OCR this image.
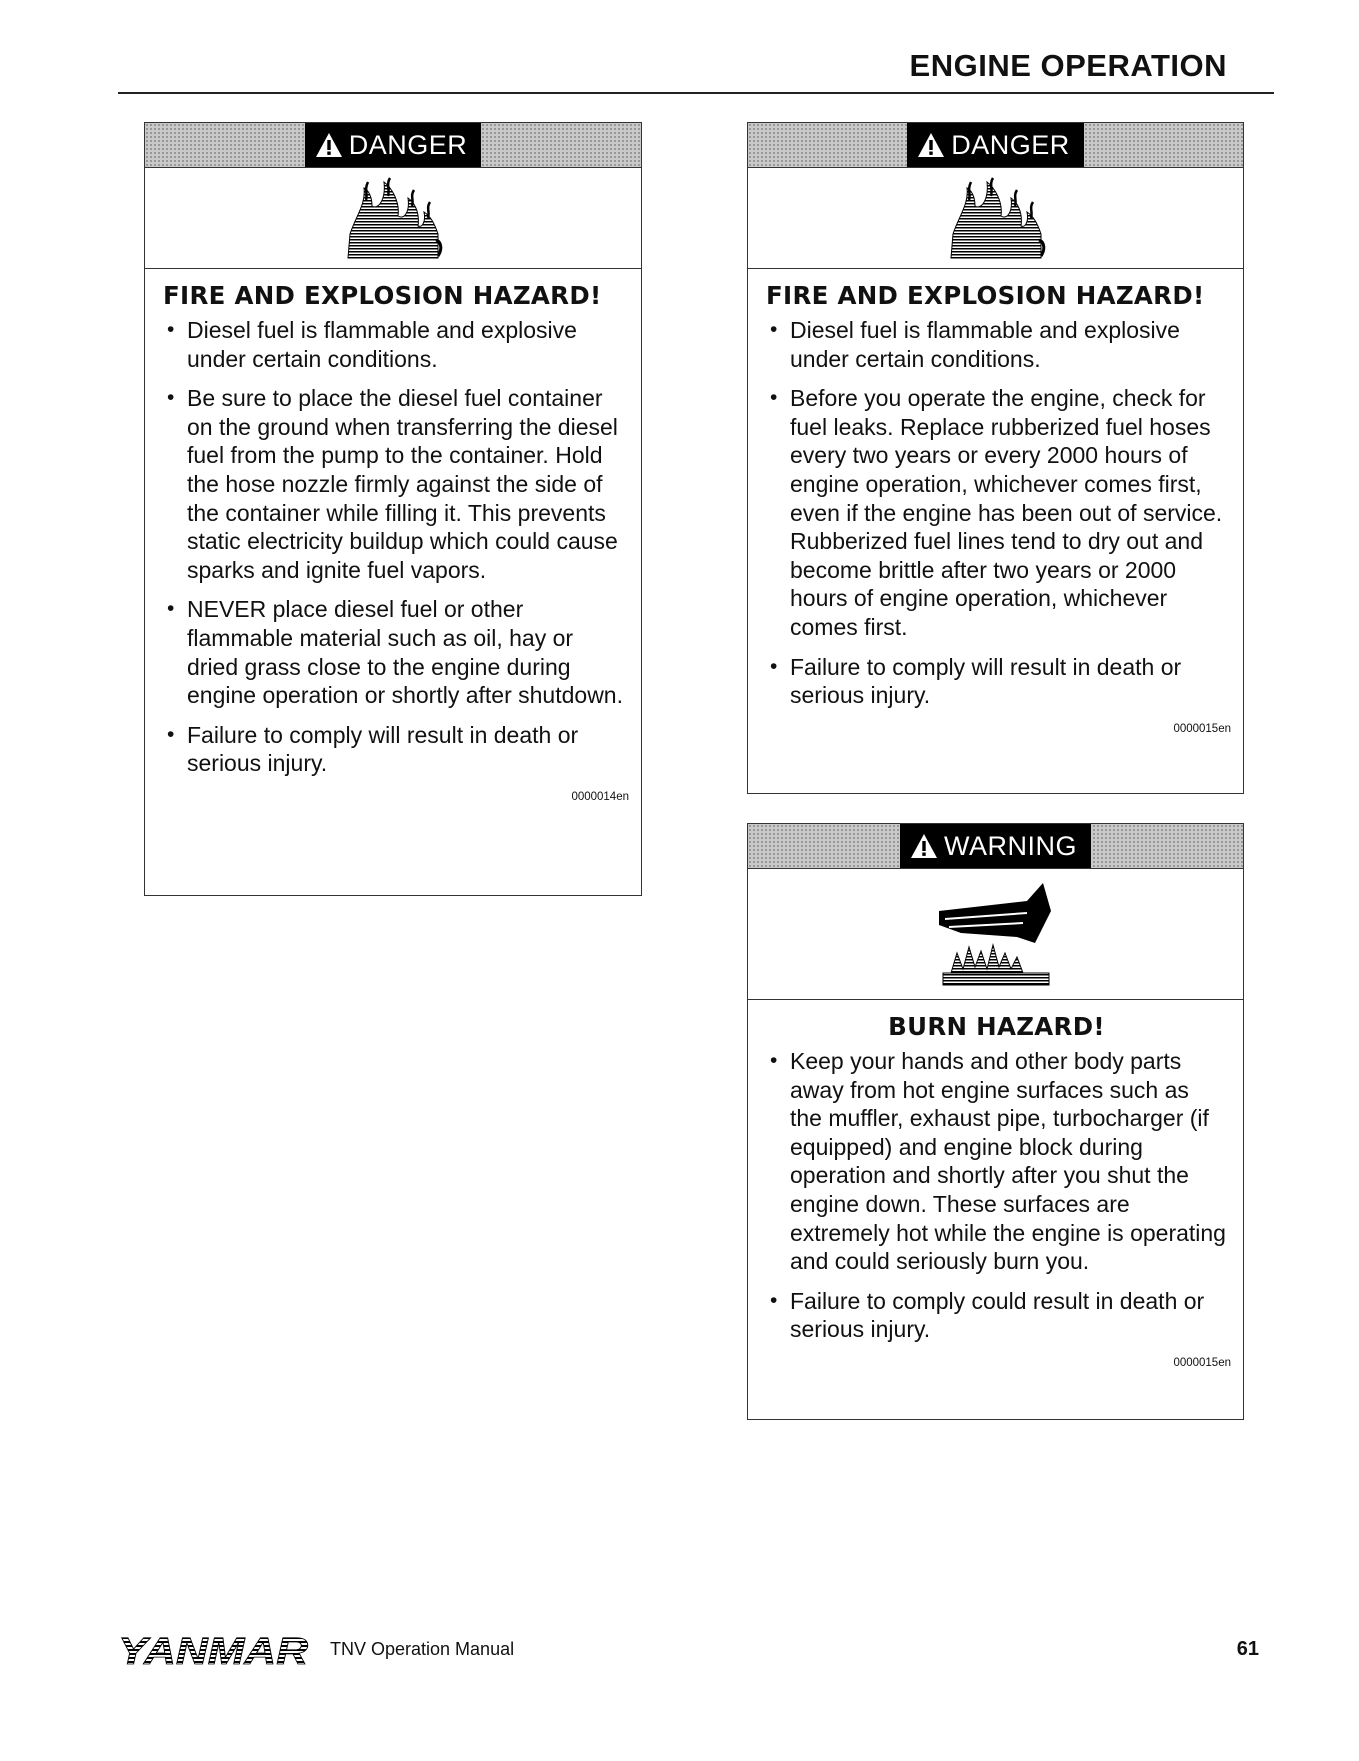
ENGINE OPERATION
DANGER
FIRE AND EXPLOSION HAZARD!
• Diesel fuel is flammable and explosive under certain conditions.
• Be sure to place the diesel fuel container on the ground when transferring the diesel fuel from the pump to the container. Hold the hose nozzle firmly against the side of the container while filling it. This prevents static electricity buildup which could cause sparks and ignite fuel vapors.
• NEVER place diesel fuel or other flammable material such as oil, hay or dried grass close to the engine during engine operation or shortly after shutdown.
• Failure to comply will result in death or serious injury.
0000014en
DANGER
FIRE AND EXPLOSION HAZARD!
• Diesel fuel is flammable and explosive under certain conditions.
• Before you operate the engine, check for fuel leaks. Replace rubberized fuel hoses every two years or every 2000 hours of engine operation, whichever comes first, even if the engine has been out of service. Rubberized fuel lines tend to dry out and become brittle after two years or 2000 hours of engine operation, whichever comes first.
• Failure to comply will result in death or serious injury.
0000015en
WARNING
BURN HAZARD!
• Keep your hands and other body parts away from hot engine surfaces such as the muffler, exhaust pipe, turbocharger (if equipped) and engine block during operation and shortly after you shut the engine down. These surfaces are extremely hot while the engine is operating and could seriously burn you.
• Failure to comply could result in death or serious injury.
0000015en
YANMAR TNV Operation Manual	61
